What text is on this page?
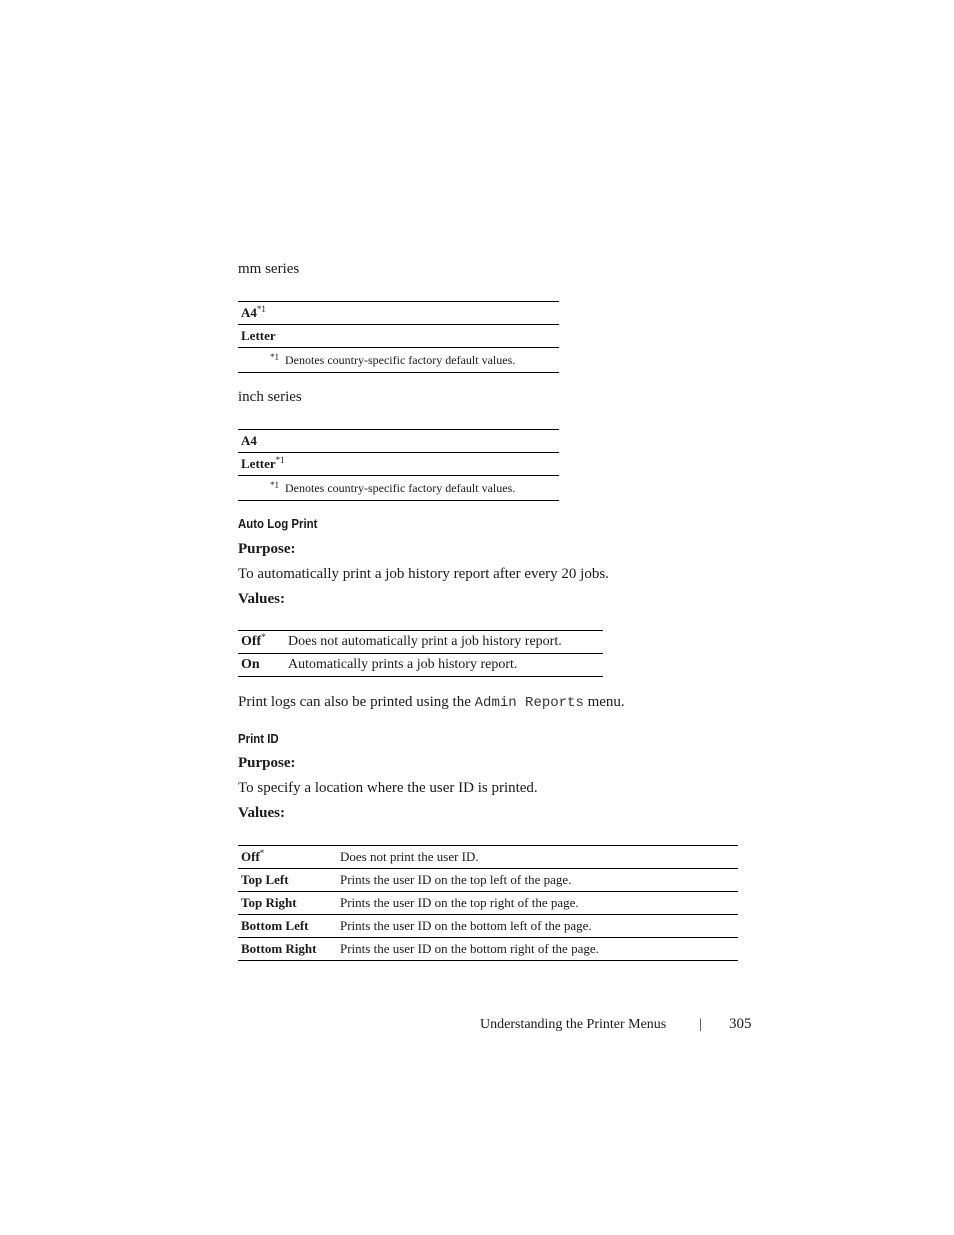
mm series
A4$^{*1}$
Letter
$^{*1}$ Denotes country-specific factory default values.
inch series
A4
Letter$^{*1}$
$^{*1}$ Denotes country-specific factory default values.
Auto Log Print
Purpose:
To automatically print a job history report after every 20 jobs.
Values:
Off*	Does not automatically print a job history report.
On	Automatically prints a job history report.
Print logs can also be printed using the Admin Reports menu.
Print ID
Purpose:
To specify a location where the user ID is printed.
Values:
Off*	Does not print the user ID.
Top Left	Prints the user ID on the top left of the page.
Top Right	Prints the user ID on the top right of the page.
Bottom Left	Prints the user ID on the bottom left of the page.
Bottom Right	Prints the user ID on the bottom right of the page.
Understanding the Printer Menus | 305
